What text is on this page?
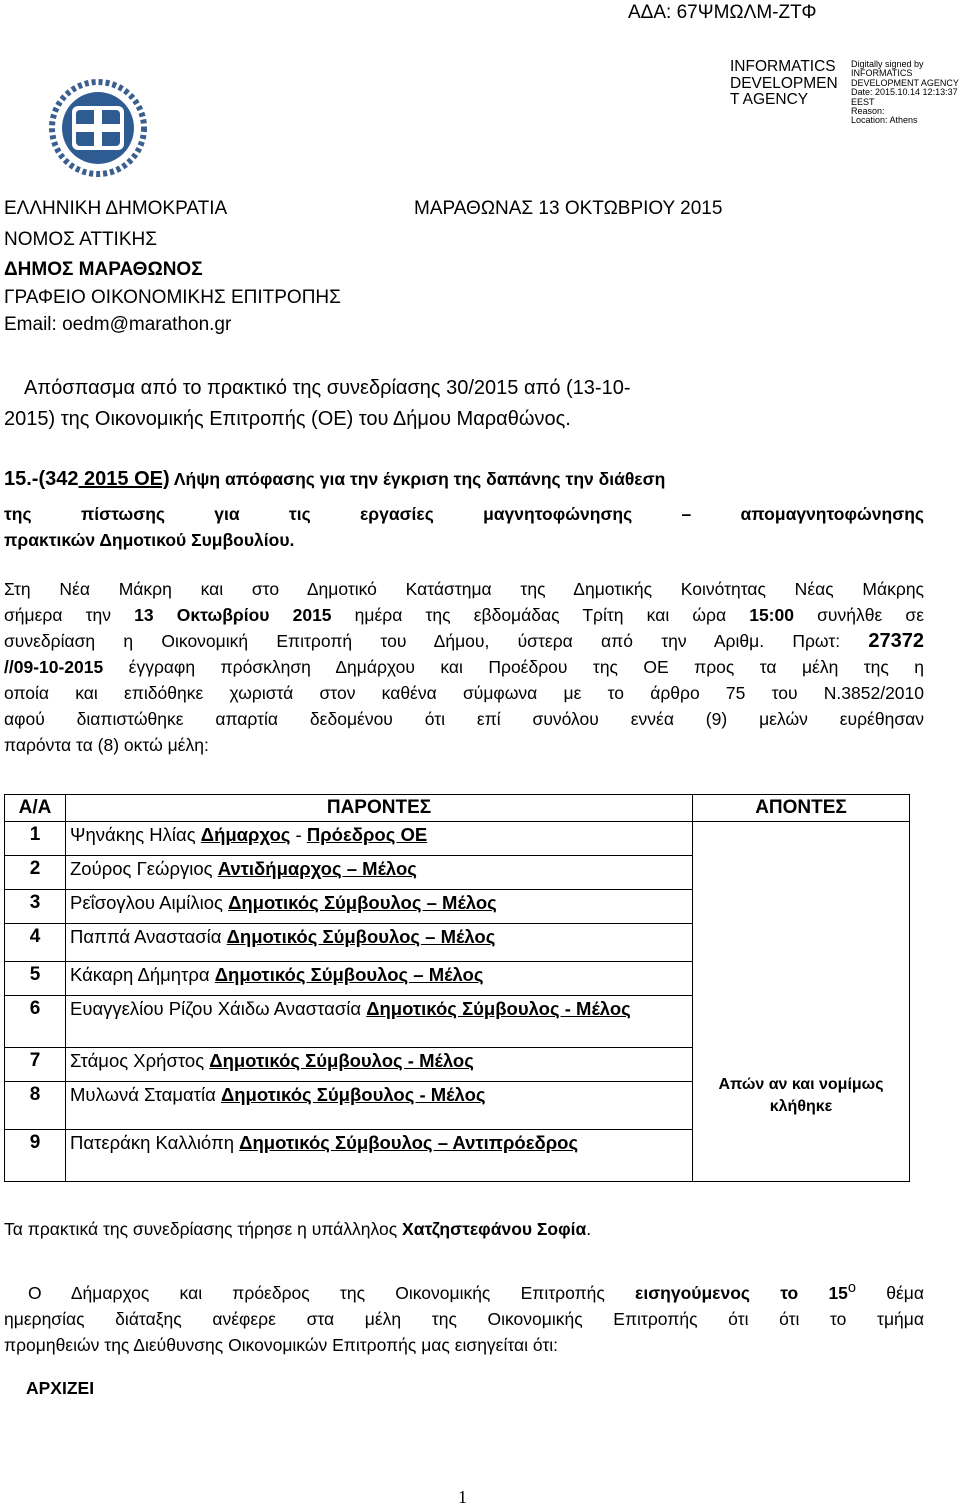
ΑΔΑ: 67ΨΜΩΛΜ-ΖΤΦ
INFORMATICS DEVELOPMEN T AGENCY
Digitally signed by
INFORMATICS
DEVELOPMENT AGENCY
Date: 2015.10.14 12:13:37
EEST
Reason:
Location: Athens
ΕΛΛΗΝΙΚΗ ΔΗΜΟΚΡΑΤΙΑ	ΜΑΡΑΘΩΝΑΣ 13 ΟΚΤΩΒΡΙΟΥ 2015
ΝΟΜΟΣ ΑΤΤΙΚΗΣ
ΔΗΜΟΣ ΜΑΡΑΘΩΝΟΣ
ΓΡΑΦΕΙΟ ΟΙΚΟΝΟΜΙΚΗΣ ΕΠΙΤΡΟΠΗΣ
Email: oedm@marathon.gr
Απόσπασμα από το πρακτικό της συνεδρίασης 30/2015 από (13-10-
2015) της Οικονομικής Επιτροπής (ΟΕ) του Δήμου Μαραθώνος.
15.-(342 2015 ΟΕ) Λήψη απόφασης για την έγκριση της δαπάνης την διάθεση
της πίστωσης για τις εργασίες μαγνητοφώνησης – απομαγνητοφώνησης
πρακτικών Δημοτικού Συμβουλίου.
Στη Νέα Μάκρη και στο Δημοτικό Κατάστημα της Δημοτικής Κοινότητας Νέας Μάκρης
σήμερα την 13 Οκτωβρίου 2015 ημέρα της εβδομάδας Τρίτη και ώρα 15:00 συνήλθε σε
συνεδρίαση η Οικονομική Επιτροπή του Δήμου, ύστερα από την Αριθμ. Πρωτ: 27372
//09-10-2015 έγγραφη πρόσκληση Δημάρχου και Προέδρου της ΟΕ προς τα μέλη της η
οποία και επιδόθηκε χωριστά στον καθένα σύμφωνα με το άρθρο 75 του Ν.3852/2010
αφού διαπιστώθηκε απαρτία δεδομένου ότι επί συνόλου εννέα (9) μελών ευρέθησαν
παρόντα τα (8) οκτώ μέλη:
Α/Α	ΠΑΡΟΝΤΕΣ	ΑΠΟΝΤΕΣ
1	Ψηνάκης Ηλίας Δήμαρχος - Πρόεδρος ΟΕ	Απών αν και νομίμως κλήθηκε

2	Ζούρος Γεώργιος Αντιδήμαρχος – Μέλος	
3	Ρεΐσογλου Αιμίλιος Δημοτικός Σύμβουλος – Μέλος	
4	Παππά Αναστασία Δημοτικός Σύμβουλος – Μέλος	
5	Κάκαρη Δήμητρα Δημοτικός Σύμβουλος – Μέλος	
6	Ευαγγελίου Ρίζου Χάιδω Αναστασία Δημοτικός Σύμβουλος - Μέλος	
7	Στάμος Χρήστος Δημοτικός Σύμβουλος - Μέλος	
8	Μυλωνά Σταματία Δημοτικός Σύμβουλος - Μέλος	
9	Πατεράκη Καλλιόπη Δημοτικός Σύμβουλος – Αντιπρόεδρος	
Τα πρακτικά της συνεδρίασης τήρησε η υπάλληλος Χατζηστεφάνου Σοφία.
Ο Δήμαρχος και πρόεδρος της Οικονομικής Επιτροπής εισηγούμενος το $15^o$ θέμα
ημερησίας διάταξης ανέφερε στα μέλη της Οικονομικής Επιτροπής ότι ότι το τμήμα
προμηθειών της Διεύθυνσης Οικονομικών Επιτροπής μας εισηγείται ότι:
ΑΡΧΙΖΕΙ
1
